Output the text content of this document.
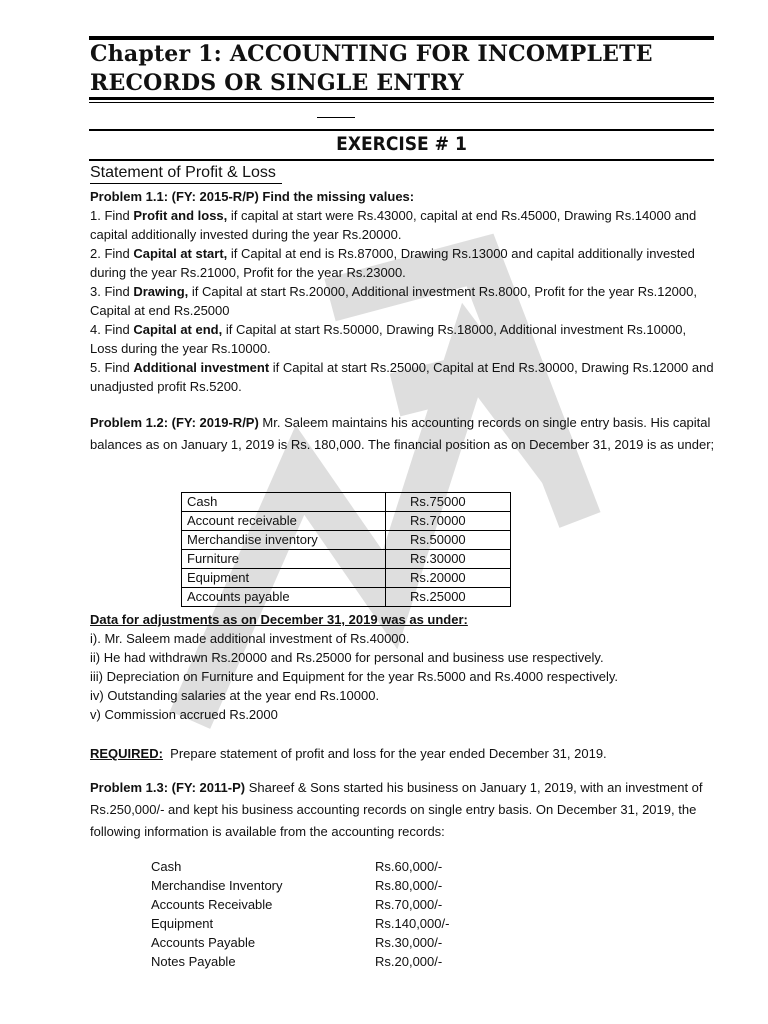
Chapter 1: ACCOUNTING FOR INCOMPLETE RECORDS OR SINGLE ENTRY
EXERCISE # 1
Statement of Profit & Loss

Problem 1.1: (FY: 2015-R/P) Find the missing values:

1. Find Profit and loss, if capital at start were Rs.43000, capital at end Rs.45000, Drawing Rs.14000 and capital additionally invested during the year Rs.20000.

2. Find Capital at start, if Capital at end is Rs.87000, Drawing Rs.13000 and capital additionally invested during the year Rs.21000, Profit for the year Rs.23000.

3. Find Drawing, if Capital at start Rs.20000, Additional investment Rs.8000, Profit for the year Rs.12000, Capital at end Rs.25000

4. Find Capital at end, if Capital at start Rs.50000, Drawing Rs.18000, Additional investment Rs.10000, Loss during the year Rs.10000.

5. Find Additional investment if Capital at start Rs.25000, Capital at End Rs.30000, Drawing Rs.12000 and unadjusted profit Rs.5200.

Problem 1.2: (FY: 2019-R/P) Mr. Saleem maintains his accounting records on single entry basis. His capital balances as on January 1, 2019 is Rs. 180,000. The financial position as on December 31, 2019 is as under;

Cash	Rs.75000
Account receivable	Rs.70000
Merchandise inventory	Rs.50000
Furniture	Rs.30000
Equipment	Rs.20000
Accounts payable	Rs.25000

Data for adjustments as on December 31, 2019 was as under:

i). Mr. Saleem made additional investment of Rs.40000.

ii) He had withdrawn Rs.20000 and Rs.25000 for personal and business use respectively.

iii) Depreciation on Furniture and Equipment for the year Rs.5000 and Rs.4000 respectively.

iv) Outstanding salaries at the year end Rs.10000.

v) Commission accrued Rs.2000

REQUIRED:  Prepare statement of profit and loss for the year ended December 31, 2019.

Problem 1.3: (FY: 2011-P) Shareef & Sons started his business on January 1, 2019, with an investment of Rs.250,000/- and kept his business accounting records on single entry basis. On December 31, 2019, the following information is available from the accounting records:

Cash	Rs.60,000/-
Merchandise Inventory	Rs.80,000/-
Accounts Receivable	Rs.70,000/-
Equipment	Rs.140,000/-
Accounts Payable	Rs.30,000/-
Notes Payable	Rs.20,000/-
